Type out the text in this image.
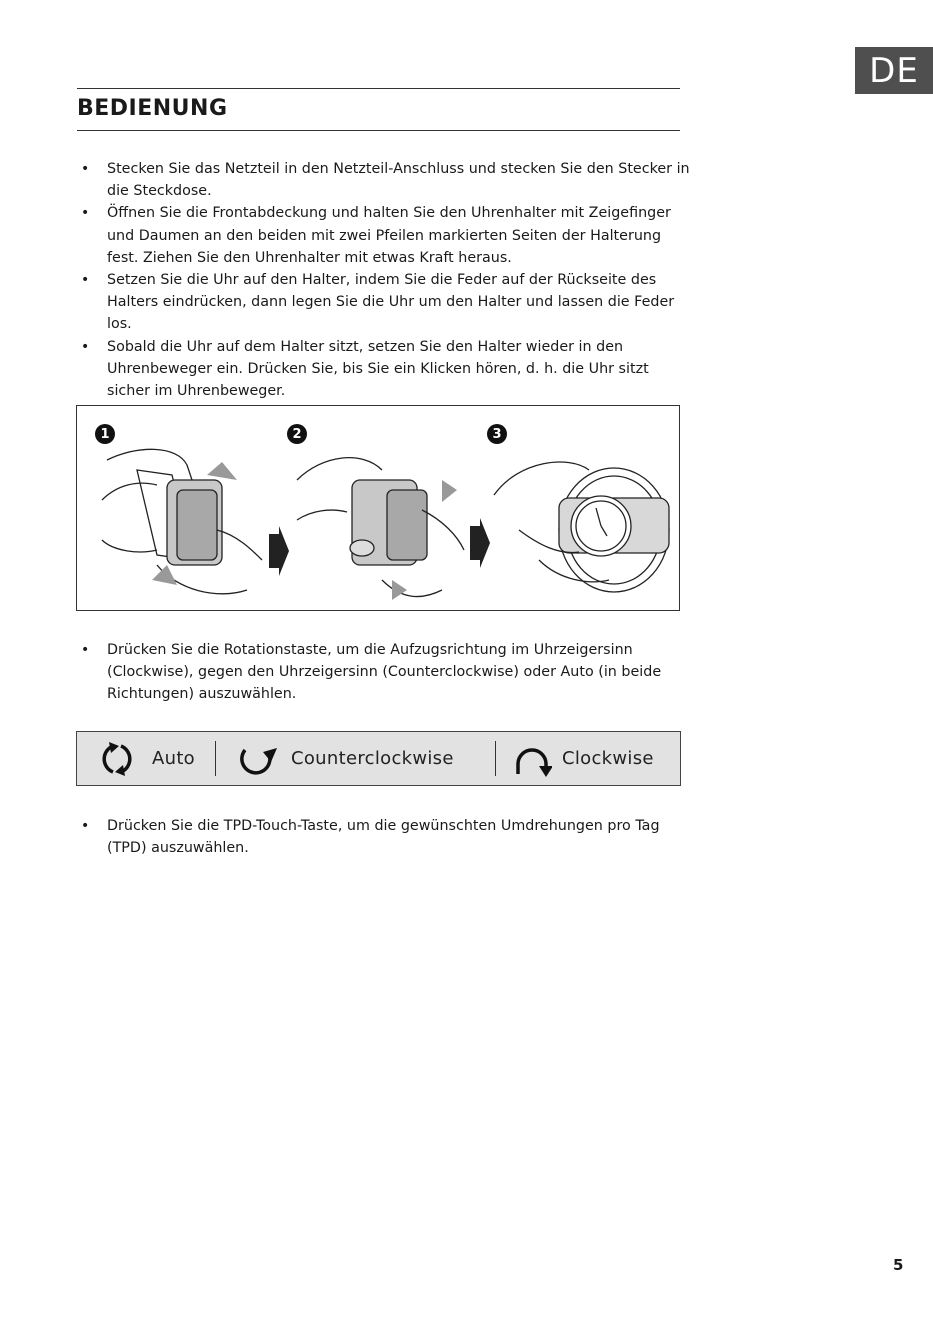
DE
BEDIENUNG
• Stecken Sie das Netzteil in den Netzteil-Anschluss und stecken Sie den Stecker in die Steckdose.
• Öffnen Sie die Frontabdeckung und halten Sie den Uhrenhalter mit Zeigefinger und Daumen an den beiden mit zwei Pfeilen markierten Seiten der Halterung fest. Ziehen Sie den Uhrenhalter mit etwas Kraft heraus.
• Setzen Sie die Uhr auf den Halter, indem Sie die Feder auf der Rückseite des Halters eindrücken, dann legen Sie die Uhr um den Halter und lassen die Feder los.
• Sobald die Uhr auf dem Halter sitzt, setzen Sie den Halter wieder in den Uhrenbeweger ein. Drücken Sie, bis Sie ein Klicken hören, d. h. die Uhr sitzt sicher im Uhrenbeweger.
1	2	3
• Drücken Sie die Rotationstaste, um die Aufzugsrichtung im Uhrzeigersinn (Clockwise), gegen den Uhrzeigersinn (Counterclockwise) oder Auto (in beide Richtungen) auszuwählen.
Auto	Counterclockwise	Clockwise
• Drücken Sie die TPD-Touch-Taste, um die gewünschten Umdrehungen pro Tag (TPD) auszuwählen.
5
